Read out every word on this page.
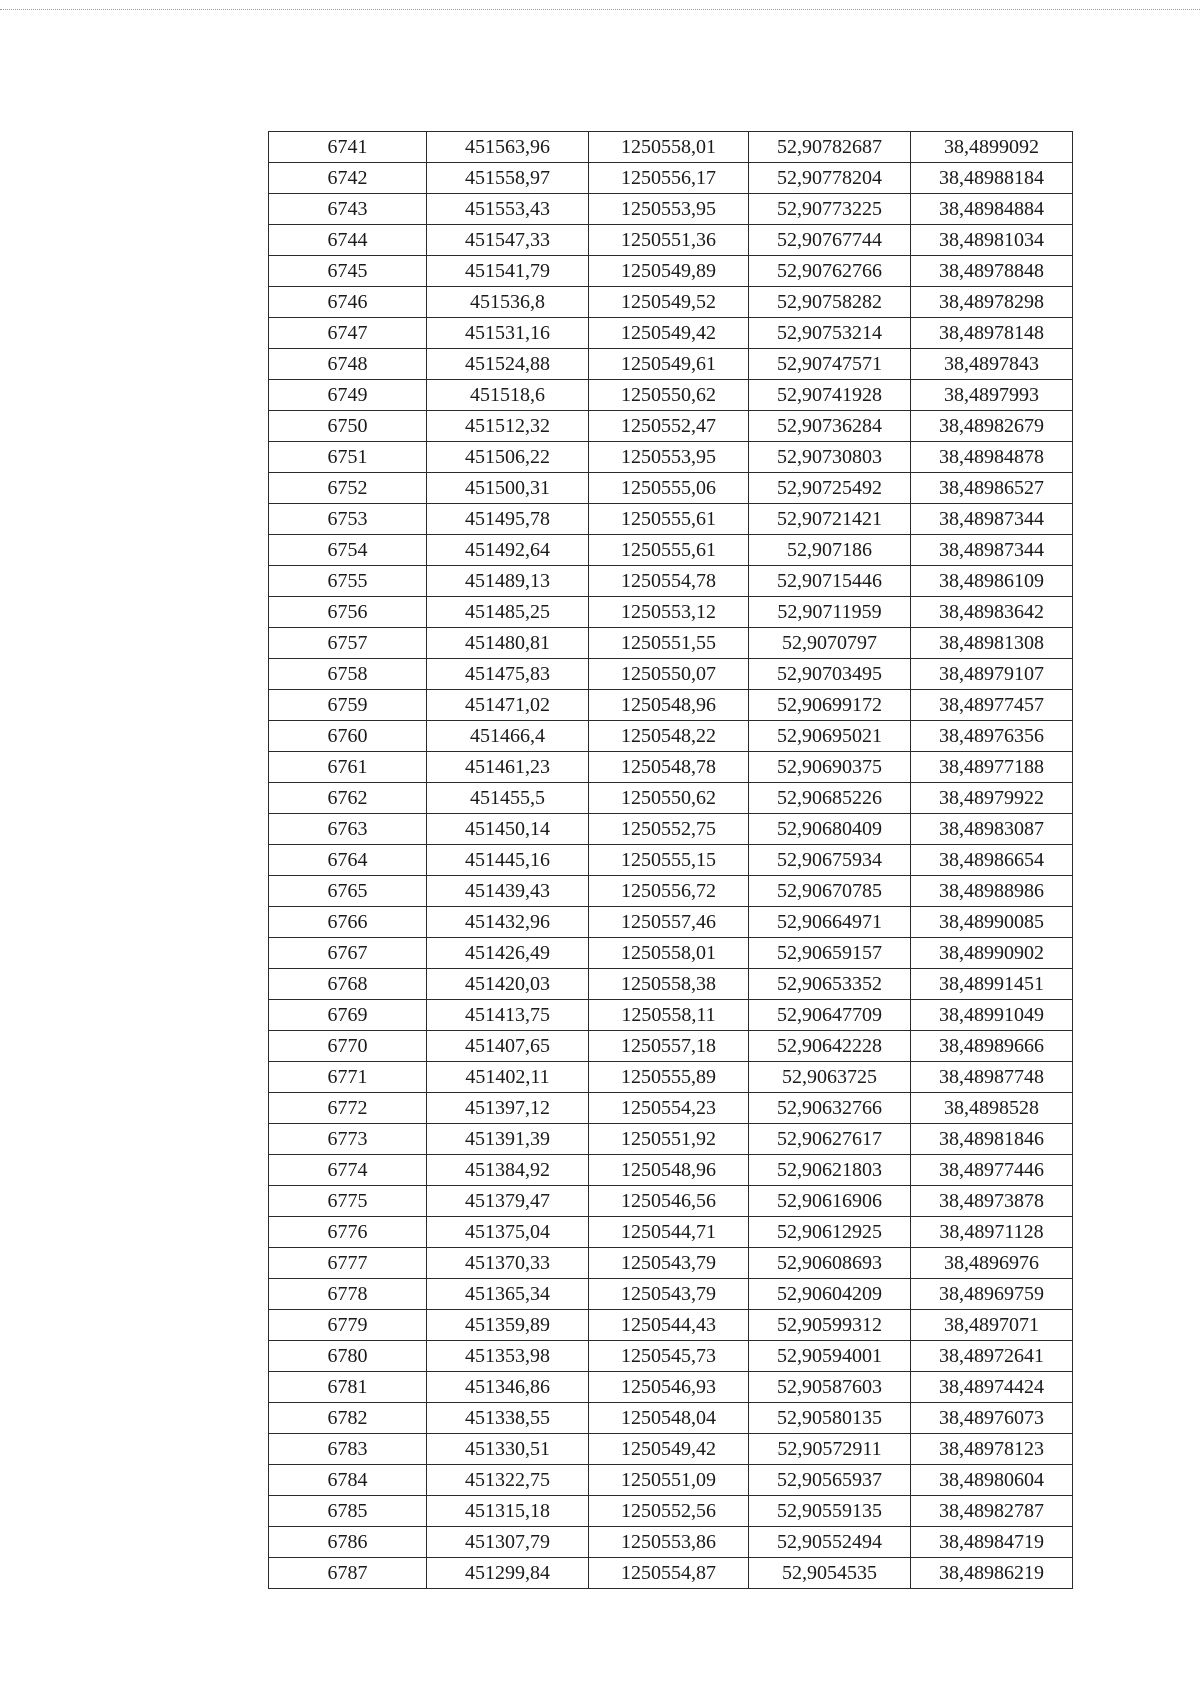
6741	451563,96	1250558,01	52,90782687	38,4899092
6742	451558,97	1250556,17	52,90778204	38,48988184
6743	451553,43	1250553,95	52,90773225	38,48984884
6744	451547,33	1250551,36	52,90767744	38,48981034
6745	451541,79	1250549,89	52,90762766	38,48978848
6746	451536,8	1250549,52	52,90758282	38,48978298
6747	451531,16	1250549,42	52,90753214	38,48978148
6748	451524,88	1250549,61	52,90747571	38,4897843
6749	451518,6	1250550,62	52,90741928	38,4897993
6750	451512,32	1250552,47	52,90736284	38,48982679
6751	451506,22	1250553,95	52,90730803	38,48984878
6752	451500,31	1250555,06	52,90725492	38,48986527
6753	451495,78	1250555,61	52,90721421	38,48987344
6754	451492,64	1250555,61	52,907186	38,48987344
6755	451489,13	1250554,78	52,90715446	38,48986109
6756	451485,25	1250553,12	52,90711959	38,48983642
6757	451480,81	1250551,55	52,9070797	38,48981308
6758	451475,83	1250550,07	52,90703495	38,48979107
6759	451471,02	1250548,96	52,90699172	38,48977457
6760	451466,4	1250548,22	52,90695021	38,48976356
6761	451461,23	1250548,78	52,90690375	38,48977188
6762	451455,5	1250550,62	52,90685226	38,48979922
6763	451450,14	1250552,75	52,90680409	38,48983087
6764	451445,16	1250555,15	52,90675934	38,48986654
6765	451439,43	1250556,72	52,90670785	38,48988986
6766	451432,96	1250557,46	52,90664971	38,48990085
6767	451426,49	1250558,01	52,90659157	38,48990902
6768	451420,03	1250558,38	52,90653352	38,48991451
6769	451413,75	1250558,11	52,90647709	38,48991049
6770	451407,65	1250557,18	52,90642228	38,48989666
6771	451402,11	1250555,89	52,9063725	38,48987748
6772	451397,12	1250554,23	52,90632766	38,4898528
6773	451391,39	1250551,92	52,90627617	38,48981846
6774	451384,92	1250548,96	52,90621803	38,48977446
6775	451379,47	1250546,56	52,90616906	38,48973878
6776	451375,04	1250544,71	52,90612925	38,48971128
6777	451370,33	1250543,79	52,90608693	38,4896976
6778	451365,34	1250543,79	52,90604209	38,48969759
6779	451359,89	1250544,43	52,90599312	38,4897071
6780	451353,98	1250545,73	52,90594001	38,48972641
6781	451346,86	1250546,93	52,90587603	38,48974424
6782	451338,55	1250548,04	52,90580135	38,48976073
6783	451330,51	1250549,42	52,90572911	38,48978123
6784	451322,75	1250551,09	52,90565937	38,48980604
6785	451315,18	1250552,56	52,90559135	38,48982787
6786	451307,79	1250553,86	52,90552494	38,48984719
6787	451299,84	1250554,87	52,9054535	38,48986219
